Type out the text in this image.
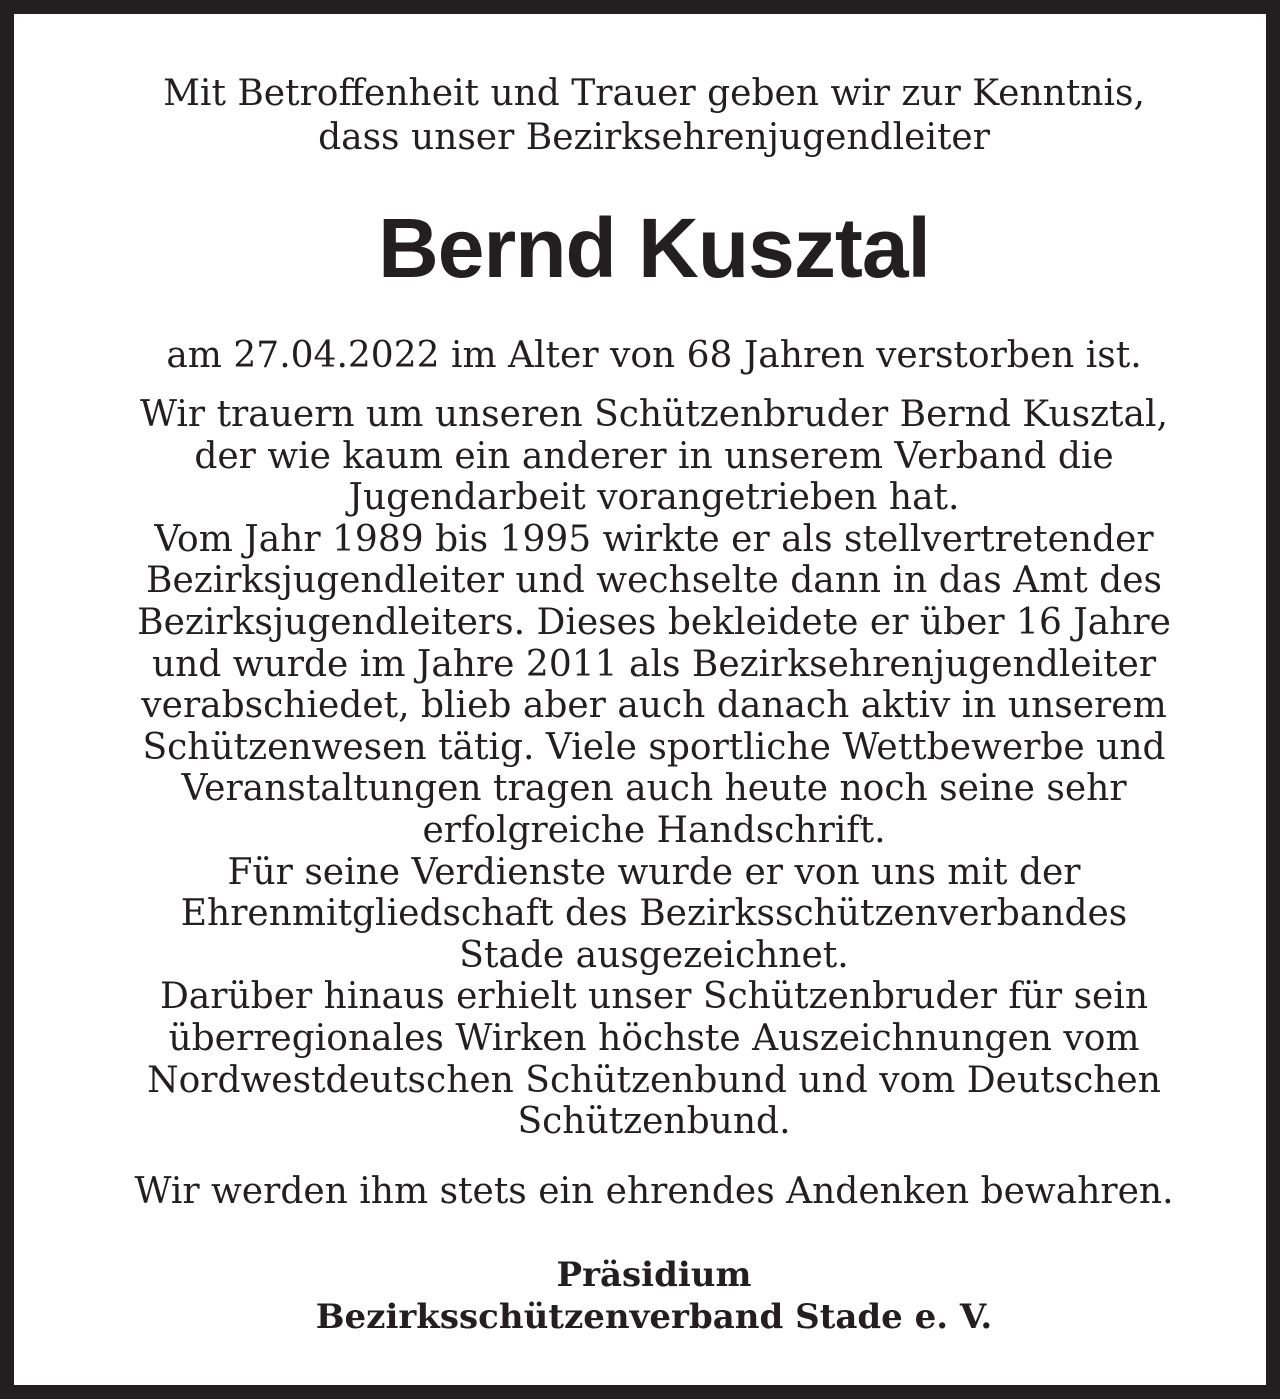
Mit Betroffenheit und Trauer geben wir zur Kenntnis,
dass unser Bezirksehrenjugendleiter
Bernd Kusztal
am 27.04.2022 im Alter von 68 Jahren verstorben ist.
Wir trauern um unseren Schützenbruder Bernd Kusztal,
der wie kaum ein anderer in unserem Verband die
Jugendarbeit vorangetrieben hat.
Vom Jahr 1989 bis 1995 wirkte er als stellvertretender
Bezirksjugendleiter und wechselte dann in das Amt des
Bezirksjugendleiters. Dieses bekleidete er über 16 Jahre
und wurde im Jahre 2011 als Bezirksehrenjugendleiter
verabschiedet, blieb aber auch danach aktiv in unserem
Schützenwesen tätig. Viele sportliche Wettbewerbe und
Veranstaltungen tragen auch heute noch seine sehr
erfolgreiche Handschrift.
Für seine Verdienste wurde er von uns mit der
Ehrenmitgliedschaft des Bezirksschützenverbandes
Stade ausgezeichnet.
Darüber hinaus erhielt unser Schützenbruder für sein
überregionales Wirken höchste Auszeichnungen vom
Nordwestdeutschen Schützenbund und vom Deutschen
Schützenbund.
Wir werden ihm stets ein ehrendes Andenken bewahren.
Präsidium
Bezirksschützenverband Stade e. V.
